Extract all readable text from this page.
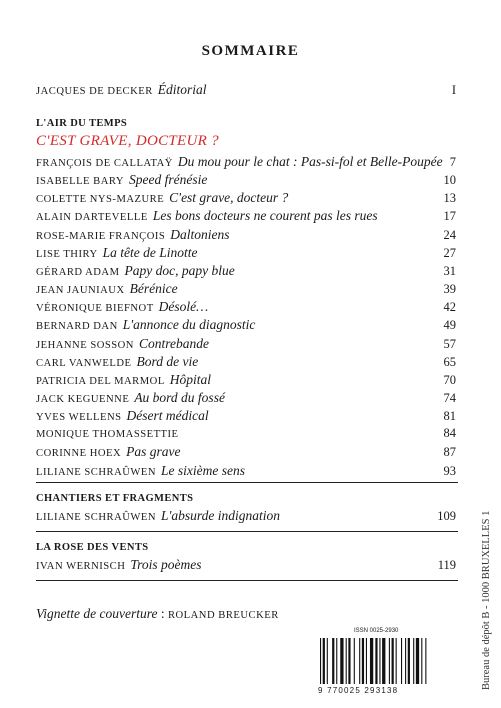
SOMMAIRE
JACQUES DE DECKER Éditorial	I
L'AIR DU TEMPS
C'EST GRAVE, DOCTEUR ?
FRANÇOIS DE CALLATAŸ Du mou pour le chat : Pas-si-fol et Belle-Poupée 7
ISABELLE BARY Speed frénésie	10
COLETTE NYS-MAZURE C'est grave, docteur ?	13
ALAIN DARTEVELLE Les bons docteurs ne courent pas les rues	17
ROSE-MARIE FRANÇOIS Daltoniens	24
LISE THIRY La tête de Linotte	27
GÉRARD ADAM Papy doc, papy blue	31
JEAN JAUNIAUX Bérénice	39
VÉRONIQUE BIEFNOT Désolé…	42
BERNARD DAN L'annonce du diagnostic	49
JEHANNE SOSSON Contrebande	57
CARL VANWELDE Bord de vie	65
PATRICIA DEL MARMOL Hôpital	70
JACK KEGUENNE Au bord du fossé	74
YVES WELLENS Désert médical	81
MONIQUE THOMASSETTIE	84
CORINNE HOEX Pas grave	87
LILIANE SCHRAÛWEN Le sixième sens	93
CHANTIERS ET FRAGMENTS
LILIANE SCHRAÛWEN L'absurde indignation	109
LA ROSE DES VENTS
IVAN WERNISCH Trois poèmes	119
Vignette de couverture : ROLAND BREUCKER
ISSN 0025-2930
9 770025 293138
Bureau de dépôt B - 1000 BRUXELLES 1
